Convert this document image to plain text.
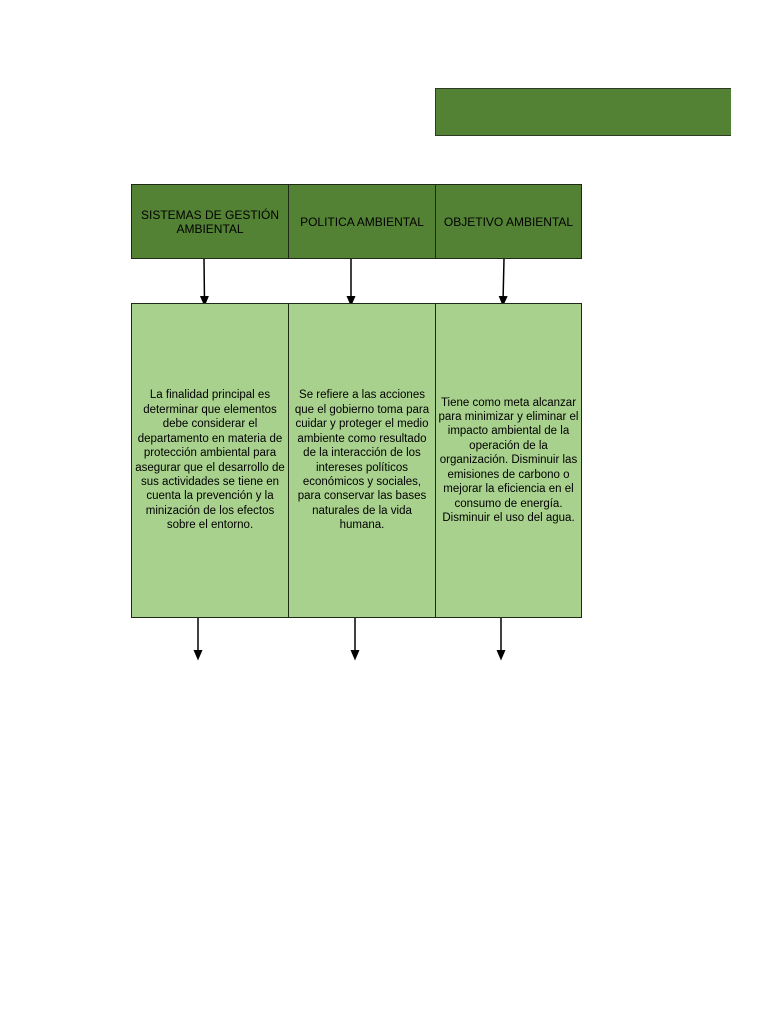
SISTEMAS DE GESTIÓN AMBIENTAL	POLITICA AMBIENTAL	OBJETIVO AMBIENTAL
La finalidad principal es determinar que elementos debe considerar el departamento en materia de protección ambiental para asegurar que el desarrollo de sus actividades se tiene en cuenta la prevención y la minización de los efectos sobre el entorno.
Se refiere a las acciones que el gobierno toma para cuidar y proteger el medio ambiente como resultado de la interacción de los intereses políticos económicos y sociales, para conservar las bases naturales de la vida humana.
Tiene como meta alcanzar para minimizar y eliminar el impacto ambiental de la operación de la organización. Disminuir las emisiones de carbono o mejorar la eficiencia en el consumo de energía. Disminuir el uso del agua.
